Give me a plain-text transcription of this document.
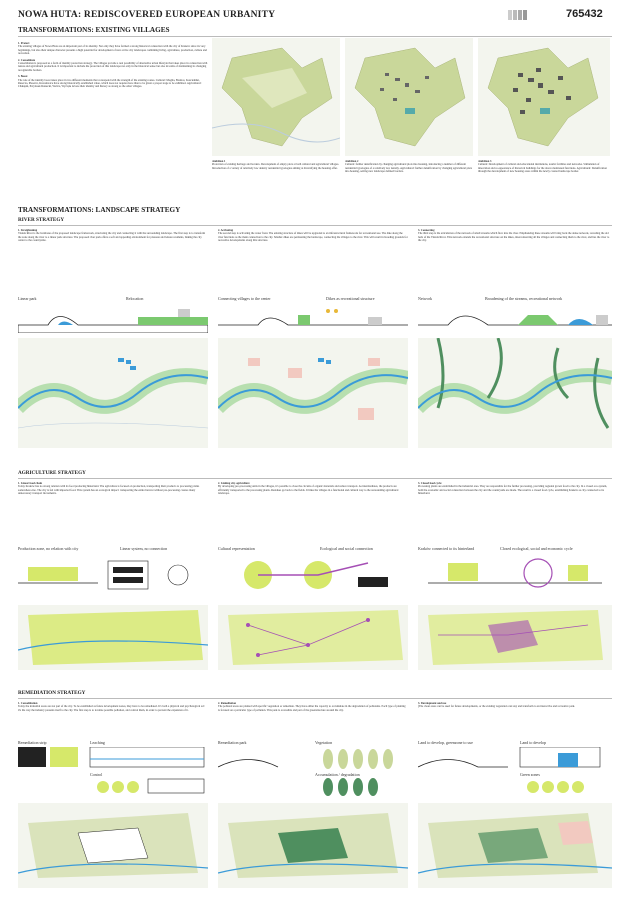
NOWA HUTA: REDISCOVERED EUROPEAN URBANITY	765432
TRANSFORMATIONS: EXISTING VILLAGES
1. Protect
The existing villages of Nowa Huta are an important part of its identity. Not only they have formed a strong historical connection with the city of Kraków since its very beginnings, but also their unique character presents a high potential for development of new active city landscapes combining living, agriculture, production, culture and recreation.
2. Consolidate
Consolidation is proposed as a form of identity protection strategy. The villages provide a real possibility of alternative urban lifestyle that takes place in connection with nature and agricultural production. It is important to include the protection of this landscape not only in the historical sense but also in terms of maintaining its changing recognizable borders.
3. Boost
The role of the identity boost takes place in two different moments that correspond with the strength of the existing routes. Cultural: Mogiła, Branice, Kościelniki, Ruszcza, Pleszów, Krzesławice have strong historically established value, which does not require more than to be given a proper stage to be exhibited. Agricultural: Chałupki, Przylasek Rusiecki, Wolica, Wyciąże devote their identity and history as strong as the other villages.
Ambition 1
Protection of existing heritage and borders. Development of empty plots at both cultural and agricultural villages. Introduction of a variety of relatively low density residential typologies aiming at diversifying the housing offer.
Ambition 2
Cultural: further densification by changing agricultural plots into housing, introducing a number of different residential typologies of a relatively low density. Agricultural: further densification by changing agricultural plots into housing, setting new landscape defined borders.
Ambition 3
Cultural: Development of cultural and educational institutions, tourist facilities and networks. Stimulation of innovation and re-appearance of historical buildings for the above mentioned functions. Agricultural: Densification through the development of new housing areas within the newly created landscape border.
TRANSFORMATIONS: LANDSCAPE STRATEGY
RIVER STRATEGY
1. Straightening
Vistula River is the backbone of the proposed landscape framework, structuring the city and connecting it with the surrounding landscape. The first step is to transform the zone along the river to a linear park structure. The proposed river park offers a soft and appealing environment for pleasure and leisure residents, linking the city center to the countryside.
2. Activating
The second step is activating the water front. The existing structure of dikes will be upgraded to an infrastructural framework for recreational use. The dike along the river functions as the main connection to the city. Smaller dikes are permeating the landscape, connecting the villages to the river. This will result in breeding grounds for recreative developments along this structure.
3. Connecting
The third step is the articulation of the network of small streams which flow into the river. Emphasizing these streams will bring back the dense network, revealing the old beds of the Vistula River. This network extends the recreational structure on the dikes, interconnecting all the villages and connecting them to the river, and has the river to the city.
Linear park	Relocation	Connecting villages to the center	Dikes as recreational structure	Network	Broadening of the streams, recreational network
AGRICULTURE STRATEGY
1. Linear food chain
Today Kraków has no strong relation with its food producing hinterland. The agriculture is focused on production, transporting their products to processing plants somewhere else. The city is fed with imported food. This system has an ecological impact: transporting the entire harvest without pre-processing creates many unnecessary transport movements.
2. Linking city-agriculture
By developing pre-processing units in the villages, it's possible to close the circuits of organic materials and reduce transport. As intermediates, the products are efficiently transported to the processing plants. Residues go back to the fields. It links the villages in a functional and cultural way to the surrounding agricultural landscape.
3. Closed food cycle
Processing plants are established in the industrial area. They are responsible for the further processing, providing regional grown food to the city. In a closed eco-system, both the economic and social connection between the city and the countryside are made. The result is a closed food cycle, establishing Kraków as city connected to its hinterland.
Production zone, no relation with city	Linear system, no connection	Cultural representation	Ecological and social connection	Kraków connected to its hinterland	Closed ecological, social and economic cycle
REMEDIATION STRATEGY
1. Consolidation
Today the industrial areas are not part of the city. To be established as future development zones, they have to be remediated. It's both a physical and psychological act: it's the way the industry presents itself to the city. The first step is to localize possible pollution, and control them, in order to prevent the expansion of it.
2. Remediation
The polluted areas are planted with specific vegetation or remediate. They have either the capacity to accumulate in the degradation of pollutants. Each type of planting is focused on a particular type of pollution. This park is accessible and part of the greenstructure around the city.
3. Development and use
(The clean areas can be used for future developments, or the existing vegetation can stay and transform to an interactive and recreative park.
Remediation strip	Leaching
Control
Remediation park	Vegetation
Accumulation / degradation
Land to develop, greenzone to use	Land to develop
Green zones
